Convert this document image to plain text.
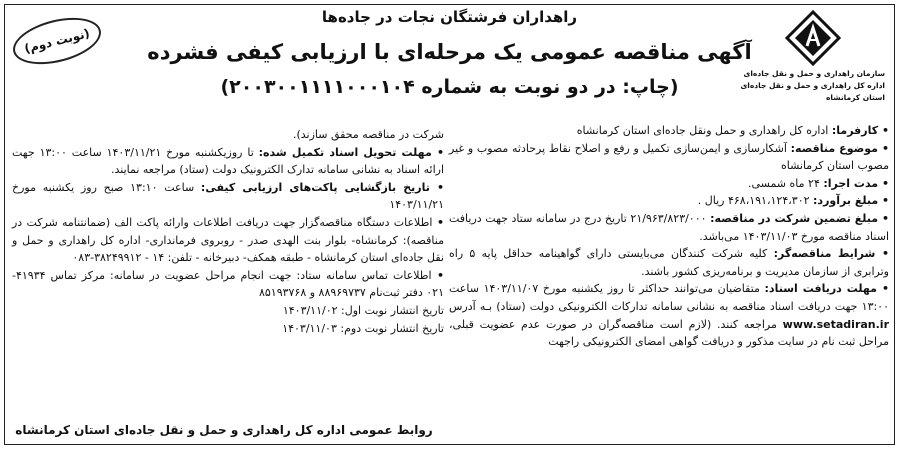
راهداران فرشتگان نجات در جاده‌ها
آگهی مناقصه عمومی یک مرحله‌ای با ارزیابی کیفی فشرده
(چاپ: در دو نوبت به شماره ۲۰۰۳۰۰۱۱۱۱۰۰۰۱۰۴)
(نوبت دوم)
سازمان راهداری و حمل و نقل جاده‌ای
اداره کل راهداری و حمل و نقل جاده‌ای
استان کرمانشاه

• کارفرما: اداره کل راهداری و حمل ونقل جاده‌ای استان کرمانشاه

• موضوع مناقصه: آشکارسازی و ایمن‌سازی تکمیل و رفع و اصلاح نقاط پرحادثه مصوب و غیر مصوب استان کرمانشاه

• مدت اجرا: ۲۴ ماه شمسی.

• مبلغ برآورد: ۴۶۸،۱۹۱،۱۲۴،۳۰۲ ریال .

• مبلغ تضمین شرکت در مناقصه: ۲۱/۹۶۳/۸۲۳/۰۰۰ تاریخ درج در سامانه ستاد جهت دریافت اسناد مناقصه مورخ ۱۴۰۳/۱۱/۰۳ می‌باشد.

• شرایط مناقصه‌گر: کلیه شرکت کنندگان می‌بایستی دارای گواهینامه حداقل پایه ۵ راه وترابری از سازمان مدیریت و برنامه‌ریزی کشور باشند.

• مهلت دریافت اسناد: متقاضیان می‌توانند حداکثر تا روز یکشنبه مورخ ۱۴۰۳/۱۱/۰۷ ساعت ۱۳:۰۰ جهت دریافت اسناد مناقصه به نشانی سامانه تدارکات الکترونیکی دولت (ستاد) بـه آدرس www.setadiran.ir مراجعه کنند. (لازم است مناقصه‌گران در صورت عدم عضویت قبلی، مراحل ثبت نام در سایت مذکور و دریافت گواهی امضای الکترونیکی راجهت

شرکت در مناقصه محقق سازند).

• مهلت تحویل اسناد تکمیل شده: تا روزیکشنبه مورخ ۱۴۰۳/۱۱/۲۱ ساعت ۱۳:۰۰ جهت ارائه اسناد به نشانی سامانه تدارک الکترونیک دولت (ستاد) مراجعه نمایند.

• تاریخ بازگشایی پاکت‌های ارزیابی کیفی: ساعت ۱۳:۱۰ صبح روز یکشنبه مورخ ۱۴۰۳/۱۱/۲۱

• اطلاعات دستگاه مناقصه‌گزار جهت دریافت اطلاعات وارائه پاکت الف (ضمانتنامه شرکت در مناقصه): کرمانشاه- بلوار بنت الهدی صدر - روبروی فرمانداری- اداره کل راهداری و حمل و نقل جاده‌ای استان کرمانشاه - طبقه همکف- دبیرخانه - تلفن: ۱۴ - ۳۸۲۴۹۹۱۲-۰۸۳

• اطلاعات تماس سامانه ستاد: جهت انجام مراحل عضویت در سامانه: مرکز تماس ۴۱۹۳۴- ۰۲۱ دفتر ثبت‌نام ۸۸۹۶۹۷۳۷ و ۸۵۱۹۳۷۶۸

تاریخ انتشار نوبت اول: ۱۴۰۳/۱۱/۰۲

تاریخ انتشار نوبت دوم: ۱۴۰۳/۱۱/۰۳

روابط عمومی اداره کل راهداری و حمل و نقل جاده‌ای استان کرمانشاه
